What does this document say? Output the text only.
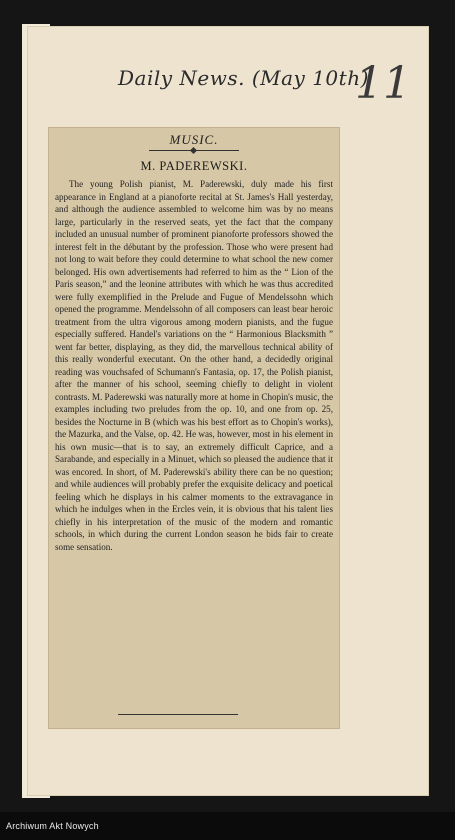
Daily News. (May 10th)
11
MUSIC.
M. PADEREWSKI.
The young Polish pianist, M. Paderewski, duly made his first appearance in England at a pianoforte recital at St. James's Hall yesterday, and although the audience assembled to welcome him was by no means large, particularly in the reserved seats, yet the fact that the company included an unusual number of prominent pianoforte professors showed the interest felt in the débutant by the profession. Those who were present had not long to wait before they could determine to what school the new comer belonged. His own advertisements had referred to him as the “ Lion of the Paris season,” and the leonine attributes with which he was thus accredited were fully exemplified in the Prelude and Fugue of Mendelssohn which opened the programme. Mendelssohn of all composers can least bear heroic treatment from the ultra vigorous among modern pianists, and the fugue especially suffered. Handel's variations on the “ Harmonious Blacksmith ” went far better, displaying, as they did, the marvellous technical ability of this really wonderful executant. On the other hand, a decidedly original reading was vouchsafed of Schumann's Fantasia, op. 17, the Polish pianist, after the manner of his school, seeming chiefly to delight in violent contrasts. M. Paderewski was naturally more at home in Chopin's music, the examples including two preludes from the op. 10, and one from op. 25, besides the Nocturne in B (which was his best effort as to Chopin's works), the Mazurka, and the Valse, op. 42. He was, however, most in his element in his own music—that is to say, an extremely difficult Caprice, and a Sarabande, and especially in a Minuet, which so pleased the audience that it was encored. In short, of M. Paderewski's ability there can be no question; and while audiences will probably prefer the exquisite delicacy and poetical feeling which he displays in his calmer moments to the extravagance in which he indulges when in the Ercles vein, it is obvious that his talent lies chiefly in his interpretation of the music of the modern and romantic schools, in which during the current London season he bids fair to create some sensation.
Archiwum Akt Nowych
